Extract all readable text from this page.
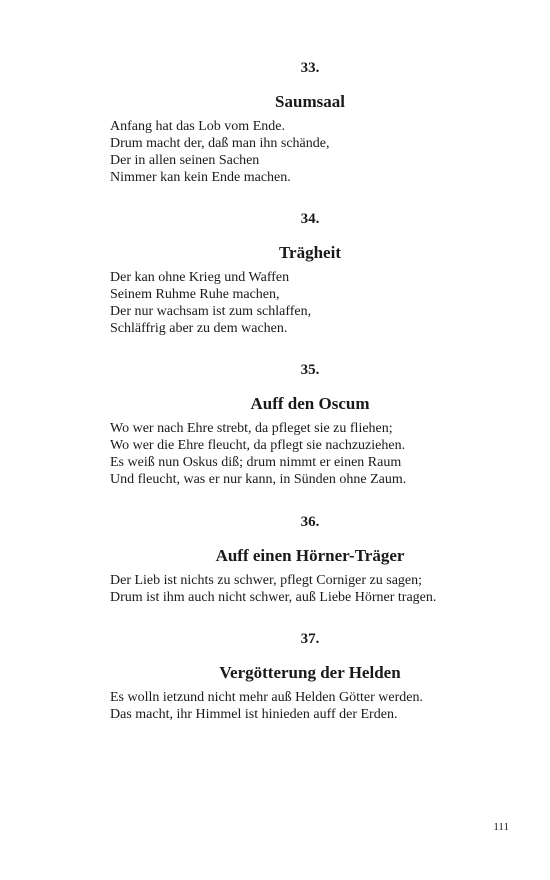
33.
Saumsaal
Anfang hat das Lob vom Ende.
Drum macht der, daß man ihn schände,
Der in allen seinen Sachen
Nimmer kan kein Ende machen.
34.
Trägheit
Der kan ohne Krieg und Waffen
Seinem Ruhme Ruhe machen,
Der nur wachsam ist zum schlaffen,
Schläffrig aber zu dem wachen.
35.
Auff den Oscum
Wo wer nach Ehre strebt, da pfleget sie zu fliehen;
Wo wer die Ehre fleucht, da pflegt sie nachzuziehen.
Es weiß nun Oskus diß; drum nimmt er einen Raum
Und fleucht, was er nur kann, in Sünden ohne Zaum.
36.
Auff einen Hörner-Träger
Der Lieb ist nichts zu schwer, pflegt Corniger zu sagen;
Drum ist ihm auch nicht schwer, auß Liebe Hörner tragen.
37.
Vergötterung der Helden
Es wolln ietzund nicht mehr auß Helden Götter werden.
Das macht, ihr Himmel ist hinieden auff der Erden.
111
